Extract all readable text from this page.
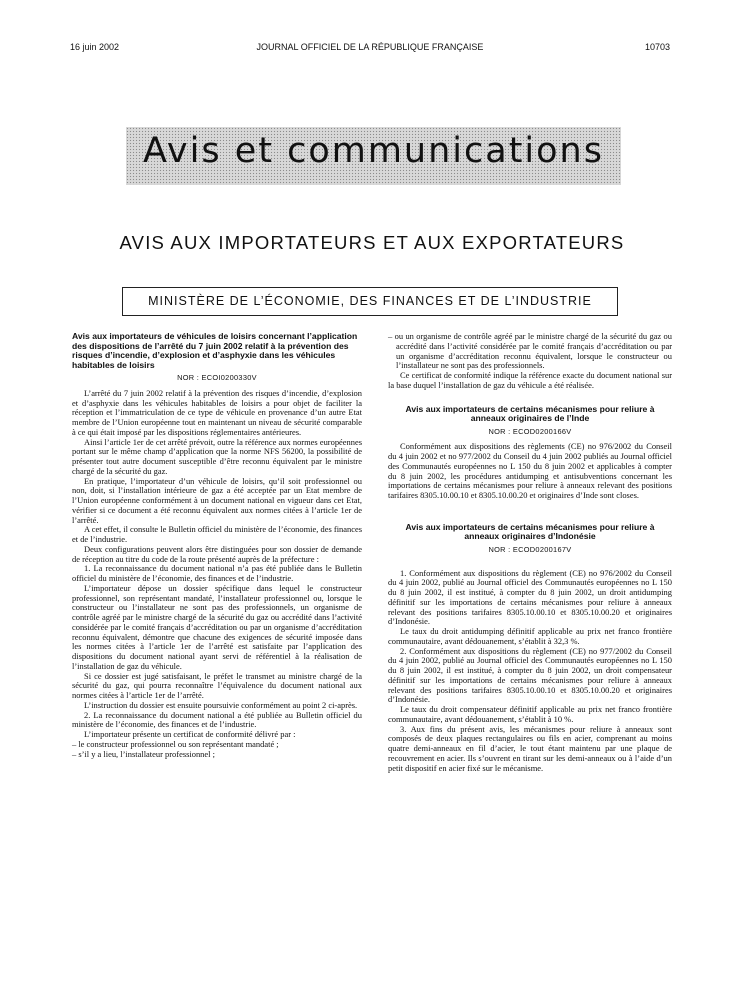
16 juin 2002	JOURNAL OFFICIEL DE LA RÉPUBLIQUE FRANÇAISE	10703
Avis et communications
AVIS AUX IMPORTATEURS ET AUX EXPORTATEURS
MINISTÈRE DE L’ÉCONOMIE, DES FINANCES ET DE L’INDUSTRIE
Avis aux importateurs de véhicules de loisirs concernant l’application des dispositions de l’arrêté du 7 juin 2002 relatif à la prévention des risques d’incendie, d’explosion et d’asphyxie dans les véhicules habitables de loisirs
NOR : ECOI0200330V

L’arrêté du 7 juin 2002 relatif à la prévention des risques d’incendie, d’explosion et d’asphyxie dans les véhicules habitables de loisirs a pour objet de faciliter la réception et l’immatriculation de ce type de véhicule en provenance d’un autre Etat membre de l’Union européenne tout en maintenant un niveau de sécurité comparable à ce qui était imposé par les dispositions réglementaires antérieures.

Ainsi l’article 1er de cet arrêté prévoit, outre la référence aux normes européennes portant sur le même champ d’application que la norme NFS 56200, la possibilité de présenter tout autre document susceptible d’être reconnu équivalent par le ministre chargé de la sécurité du gaz.

En pratique, l’importateur d’un véhicule de loisirs, qu’il soit professionnel ou non, doit, si l’installation intérieure de gaz a été acceptée par un Etat membre de l’Union européenne conformément à un document national en vigueur dans cet Etat, vérifier si ce document a été reconnu équivalent aux normes citées à l’article 1er de l’arrêté.

A cet effet, il consulte le Bulletin officiel du ministère de l’économie, des finances et de l’industrie.

Deux configurations peuvent alors être distinguées pour son dossier de demande de réception au titre du code de la route présenté auprès de la préfecture :

1. La reconnaissance du document national n’a pas été publiée dans le Bulletin officiel du ministère de l’économie, des finances et de l’industrie.

L’importateur dépose un dossier spécifique dans lequel le constructeur professionnel, son représentant mandaté, l’installateur professionnel ou, lorsque le constructeur ou l’installateur ne sont pas des professionnels, un organisme de contrôle agréé par le ministre chargé de la sécurité du gaz ou accrédité dans l’activité considérée par le comité français d’accréditation ou par un organisme d’accréditation reconnu équivalent, démontre que chacune des exigences de sécurité imposée dans les normes citées à l’article 1er de l’arrêté est satisfaite par l’application des dispositions du document national ayant servi de référentiel à la réalisation de l’installation de gaz du véhicule.

Si ce dossier est jugé satisfaisant, le préfet le transmet au ministre chargé de la sécurité du gaz, qui pourra reconnaître l’équivalence du document national aux normes citées à l’article 1er de l’arrêté.

L’instruction du dossier est ensuite poursuivie conformément au point 2 ci-après.

2. La reconnaissance du document national a été publiée au Bulletin officiel du ministère de l’économie, des finances et de l’industrie.

L’importateur présente un certificat de conformité délivré par :

– le constructeur professionnel ou son représentant mandaté ;

– s’il y a lieu, l’installateur professionnel ;

– ou un organisme de contrôle agréé par le ministre chargé de la sécurité du gaz ou accrédité dans l’activité considérée par le comité français d’accréditation ou par un organisme d’accréditation reconnu équivalent, lorsque le constructeur ou l’installateur ne sont pas des professionnels.

Ce certificat de conformité indique la référence exacte du document national sur la base duquel l’installation de gaz du véhicule a été réalisée.

Avis aux importateurs de certains mécanismes pour reliure à anneaux originaires de l’Inde
NOR : ECOD0200166V

Conformément aux dispositions des règlements (CE) no 976/2002 du Conseil du 4 juin 2002 et no 977/2002 du Conseil du 4 juin 2002 publiés au Journal officiel des Communautés européennes no L 150 du 8 juin 2002 et applicables à compter du 8 juin 2002, les procédures antidumping et antisubventions concernant les importations de certains mécanismes pour reliure à anneaux relevant des positions tarifaires 8305.10.00.10 et 8305.10.00.20 et originaires d’Inde sont closes.

Avis aux importateurs de certains mécanismes pour reliure à anneaux originaires d’Indonésie
NOR : ECOD0200167V

1. Conformément aux dispositions du règlement (CE) no 976/2002 du Conseil du 4 juin 2002, publié au Journal officiel des Communautés européennes no L 150 du 8 juin 2002, il est institué, à compter du 8 juin 2002, un droit antidumping définitif sur les importations de certains mécanismes pour reliure à anneaux relevant des positions tarifaires 8305.10.00.10 et 8305.10.00.20 et originaires d’Indonésie.

Le taux du droit antidumping définitif applicable au prix net franco frontière communautaire, avant dédouanement, s’établit à 32,3 %.

2. Conformément aux dispositions du règlement (CE) no 977/2002 du Conseil du 4 juin 2002, publié au Journal officiel des Communautés européennes no L 150 du 8 juin 2002, il est institué, à compter du 8 juin 2002, un droit compensateur définitif sur les importations de certains mécanismes pour reliure à anneaux relevant des positions tarifaires 8305.10.00.10 et 8305.10.00.20 et originaires d’Indonésie.

Le taux du droit compensateur définitif applicable au prix net franco frontière communautaire, avant dédouanement, s’établit à 10 %.

3. Aux fins du présent avis, les mécanismes pour reliure à anneaux sont composés de deux plaques rectangulaires ou fils en acier, comprenant au moins quatre demi-anneaux en fil d’acier, le tout étant maintenu par une plaque de recouvrement en acier. Ils s’ouvrent en tirant sur les demi-anneaux ou à l’aide d’un petit dispositif en acier fixé sur le mécanisme.
